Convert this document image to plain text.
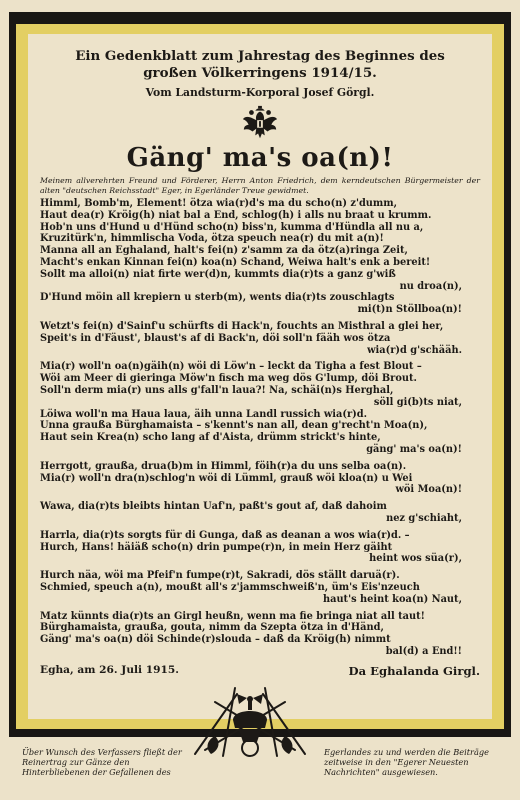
Ein Gedenkblatt zum Jahrestag des Beginnes des
großen Völkerringens 1914/15.
Vom Landsturm-Korporal Josef Görgl.
Gäng' ma's oa(n)!
Meinem allverehrten Freund und Förderer, Herrn Anton Friedrich, dem kerndeutschen Bürgermeister der alten "deutschen Reichsstadt" Eger, in Egerländer Treue gewidmet.
Himml, Bomb'm, Element! ötza wia(r)d's ma du scho(n) z'dumm,
Haut dea(r) Kröig(h) niat bal a End, schlog(h) i alls nu braat u krumm.
Hob'n uns d'Hund u d'Hünd scho(n) biss'n, kumma d'Hündla all nu a,
Kruzitürk'n, himmlischa Voda, ötza speuch nea(r) du mit a(n)!
Manna all an Eghaland, halt's fei(n) z'samm za da ötz(a)ringa Zeit,
Macht's enkan Kinnan fei(n) koa(n) Schand, Weiwa halt's enk a bereit!
Sollt ma alloi(n) niat firte wer(d)n, kummts dia(r)ts a ganz g'wiß
nu droa(n),
D'Hund möin all krepiern u sterb(m), wents dia(r)ts zouschlagts
mi(t)n Stöllboa(n)!
Wetzt's fei(n) d'Sainf'u schürfts di Hack'n, fouchts an Misthral a glei her,
Speit's in d'Fäust', blaust's af di Back'n, döi soll'n fääh wos ötza
wia(r)d g'schääh.
Mia(r) woll'n oa(n)gäih(n) wöi di Löw'n – leckt da Tigha a fest Blout –
Wöi am Meer di gieringa Möw'n fisch ma weg dös G'lump, döi Brout.
Soll'n derm mia(r) uns alls g'fall'n laua?! Na, schäi(n)s Herghal,
söll gi(b)ts niat,
Löiwa woll'n ma Haua laua, äih unna Landl russich wia(r)d.
Unna graußa Bürghamaista – s'kennt's nan all, dean g'recht'n Moa(n),
Haut sein Krea(n) scho lang af d'Aista, drümm strickt's hinte,
gäng' ma's oa(n)!
Herrgott, graußa, drua(b)m in Himml, föih(r)a du uns selba oa(n).
Mia(r) woll'n dra(n)schlog'n wöi di Lümml, grauß wöi kloa(n) u Wei
wöi Moa(n)!
Wawa, dia(r)ts bleibts hintan Uaf'n, paßt's gout af, daß dahoim
nez g'schiaht,
Harrla, dia(r)ts sorgts für di Gunga, daß as deanan a wos wia(r)d. –
Hurch, Hans! häiäß scho(n) drin pumpe(r)n, in mein Herz gäiht
heint wos süa(r),
Hurch näa, wöi ma Pfeif'n fumpe(r)t, Sakradi, dös ställt daruä(r).
Schmied, speuch a(n), moußt all's z'jammschweiß'n, üm's Eis'nzeuch
haut's heint koa(n) Naut,
Matz künnts dia(r)ts an Girgl heußn, wenn ma fie bringa niat all taut!
Bürghamaista, graußa, gouta, nimm da Szepta ötza in d'Händ,
Gäng' ma's oa(n) döi Schinde(r)slouda – daß da Kröig(h) nimmt
bal(d) a End!!
Egha, am 26. Juli 1915.	Da Eghalanda Girgl.
Über Wunsch des Verfassers fließt der Reinertrag zur Gänze den Hinterbliebenen der Gefallenen des
Egerlandes zu und werden die Beiträge zeitweise in den "Egerer Neuesten Nachrichten" ausgewiesen.
